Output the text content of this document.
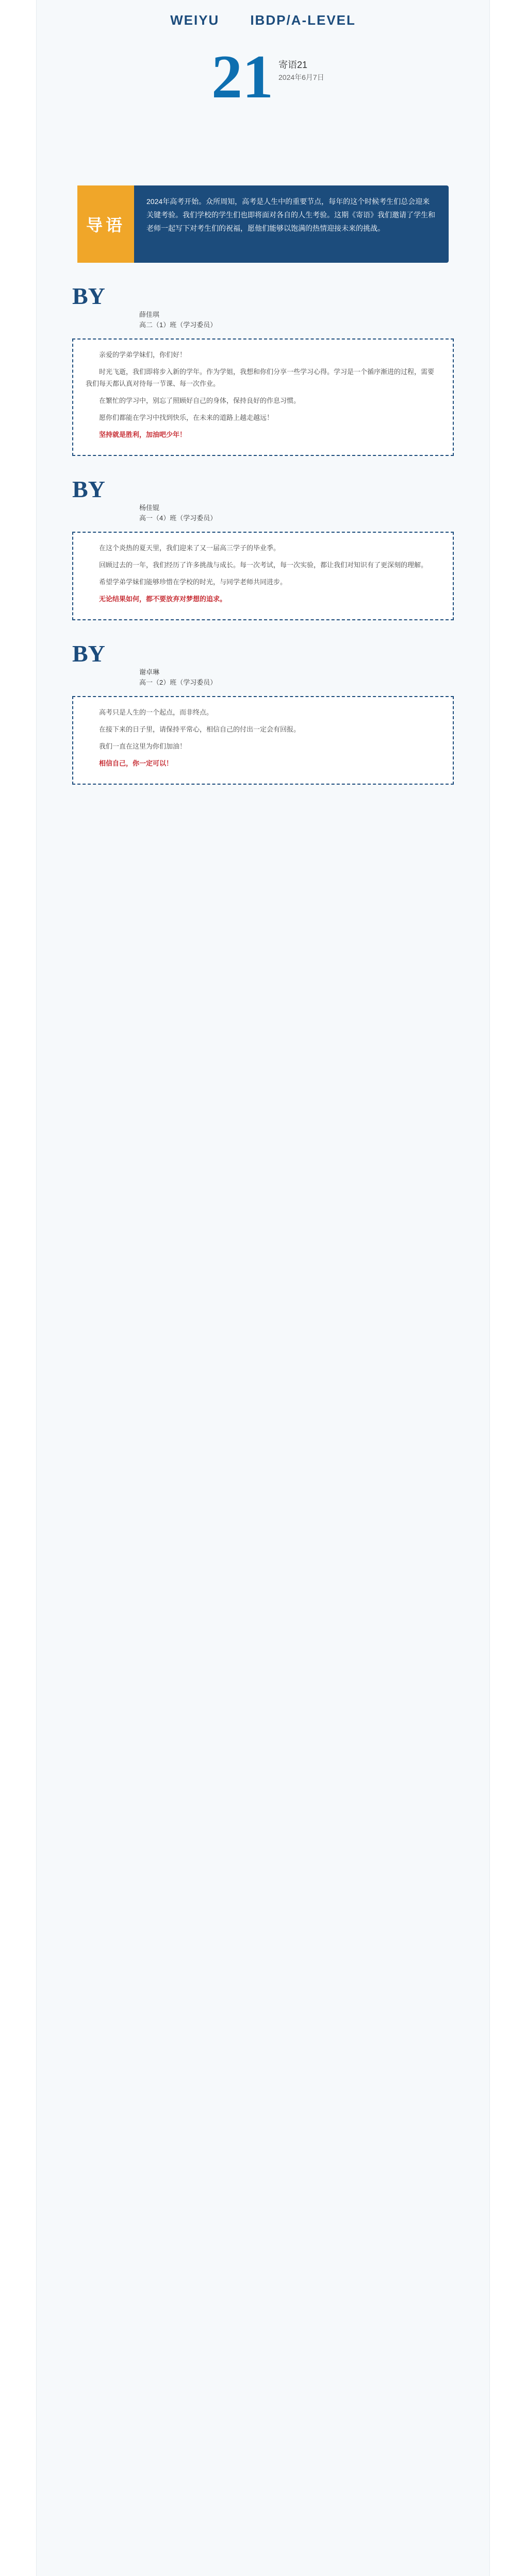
WEIYU IBDP/A-LEVEL
21 寄语21
2024年6月7日
导语
2024年高考开始。众所周知，高考是人生中的重要节点，每年的这个时候考生们总会迎来关键考验。我们学校的学生们也即将面对各自的人生考验。这期《寄语》我们邀请了学生和老师一起写下对考生们的祝福，愿他们能够以饱满的热情迎接未来的挑战。
BY
薛佳琪
高二（1）班（学习委员）

亲爱的学弟学妹们，你们好！

时光飞逝，我们即将步入新的学年。作为学姐，我想和你们分享一些学习心得。学习是一个循序渐进的过程，需要我们每天都认真对待每一节课、每一次作业。

在繁忙的学习中，别忘了照顾好自己的身体，保持良好的作息习惯。

愿你们都能在学习中找到快乐，在未来的道路上越走越远！

坚持就是胜利，加油吧少年！

BY
杨佳锟
高一（4）班（学习委员）

在这个炎热的夏天里，我们迎来了又一届高三学子的毕业季。

回顾过去的一年，我们经历了许多挑战与成长。每一次考试，每一次实验，都让我们对知识有了更深刻的理解。

希望学弟学妹们能够珍惜在学校的时光，与同学老师共同进步。

无论结果如何，都不要放弃对梦想的追求。

BY
谢卓琳
高一（2）班（学习委员）

高考只是人生的一个起点，而非终点。

在接下来的日子里，请保持平常心，相信自己的付出一定会有回报。

我们一直在这里为你们加油！

相信自己，你一定可以！
